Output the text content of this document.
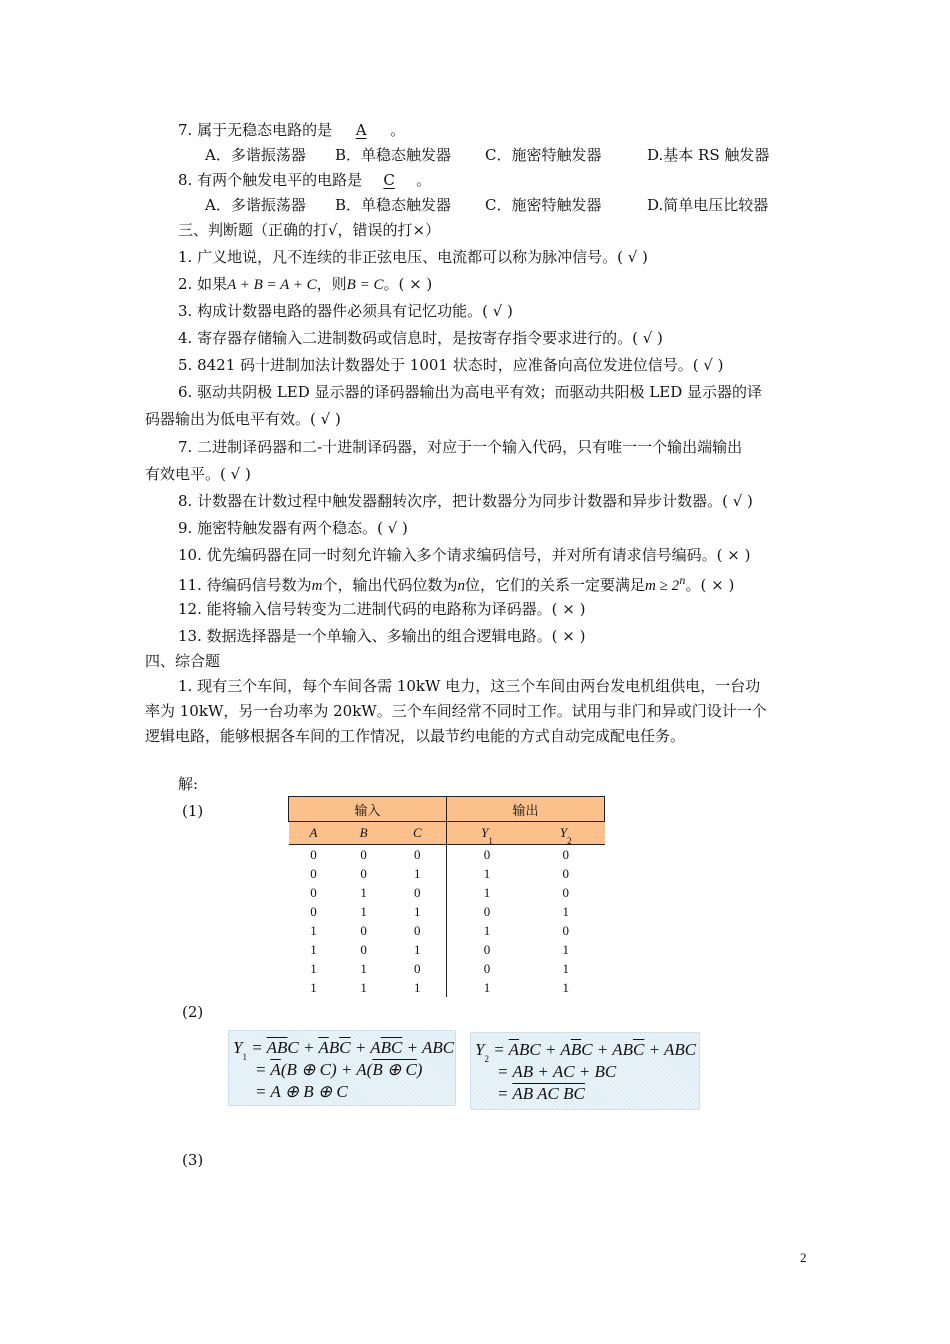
7. 属于无稳态电路的是 A 。
A．多谐振荡器 B．单稳态触发器 C．施密特触发器	D.基本 RS 触发器
8. 有两个触发电平的电路是 C 。
A．多谐振荡器 B．单稳态触发器 C．施密特触发器	D.简单电压比较器
三、判断题（正确的打√，错误的打×）
1. 广义地说，凡不连续的非正弦电压、电流都可以称为脉冲信号。( √ )
2. 如果A + B = A + C，则B = C。( × )
3. 构成计数器电路的器件必须具有记忆功能。( √ )
4. 寄存器存储输入二进制数码或信息时，是按寄存指令要求进行的。( √ )
5. 8421 码十进制加法计数器处于 1001 状态时，应准备向高位发进位信号。( √ )
6. 驱动共阴极 LED 显示器的译码器输出为高电平有效；而驱动共阳极 LED 显示器的译
码器输出为低电平有效。( √ )
7. 二进制译码器和二-十进制译码器，对应于一个输入代码，只有唯一一个输出端输出
有效电平。( √ )
8. 计数器在计数过程中触发器翻转次序，把计数器分为同步计数器和异步计数器。( √ )
9. 施密特触发器有两个稳态。( √ )
10. 优先编码器在同一时刻允许输入多个请求编码信号，并对所有请求信号编码。( × )
11. 待编码信号数为m个，输出代码位数为n位，它们的关系一定要满足$m \ge 2^n$。( × )
12. 能将输入信号转变为二进制代码的电路称为译码器。( × )
13. 数据选择器是一个单输入、多输出的组合逻辑电路。( × )
四、综合题
1. 现有三个车间，每个车间各需 10kW 电力，这三个车间由两台发电机组供电，一台功
率为 10kW，另一台功率为 20kW。三个车间经常不同时工作。试用与非门和异或门设计一个
逻辑电路，能够根据各车间的工作情况，以最节约电能的方式自动完成配电任务。
解:
(1)	输入			输出	
A	B	C	$Y_1$	$Y_2$
0	0	0	0	0
0	0	1	1	0
0	1	0	1	0
0	1	1	0	1
1	0	0	1	0
1	0	1	0	1
1	1	0	0	1
1	1	1	1	1
(2)
$Y_1 = \overline{A}\overline{B}C + \overline{A}B\overline{C} + A\overline{BC}$ + ABC
= $\overline{A}(B$ ⊕ C) + A(B ⊕ C)
= A ⊕ B ⊕ C
$Y_2 = \overline{A}BC + A\overline{B}C + AB\overline{C}$ + ABC
= AB + AC + BC
= AB AC BC
(3)
2
